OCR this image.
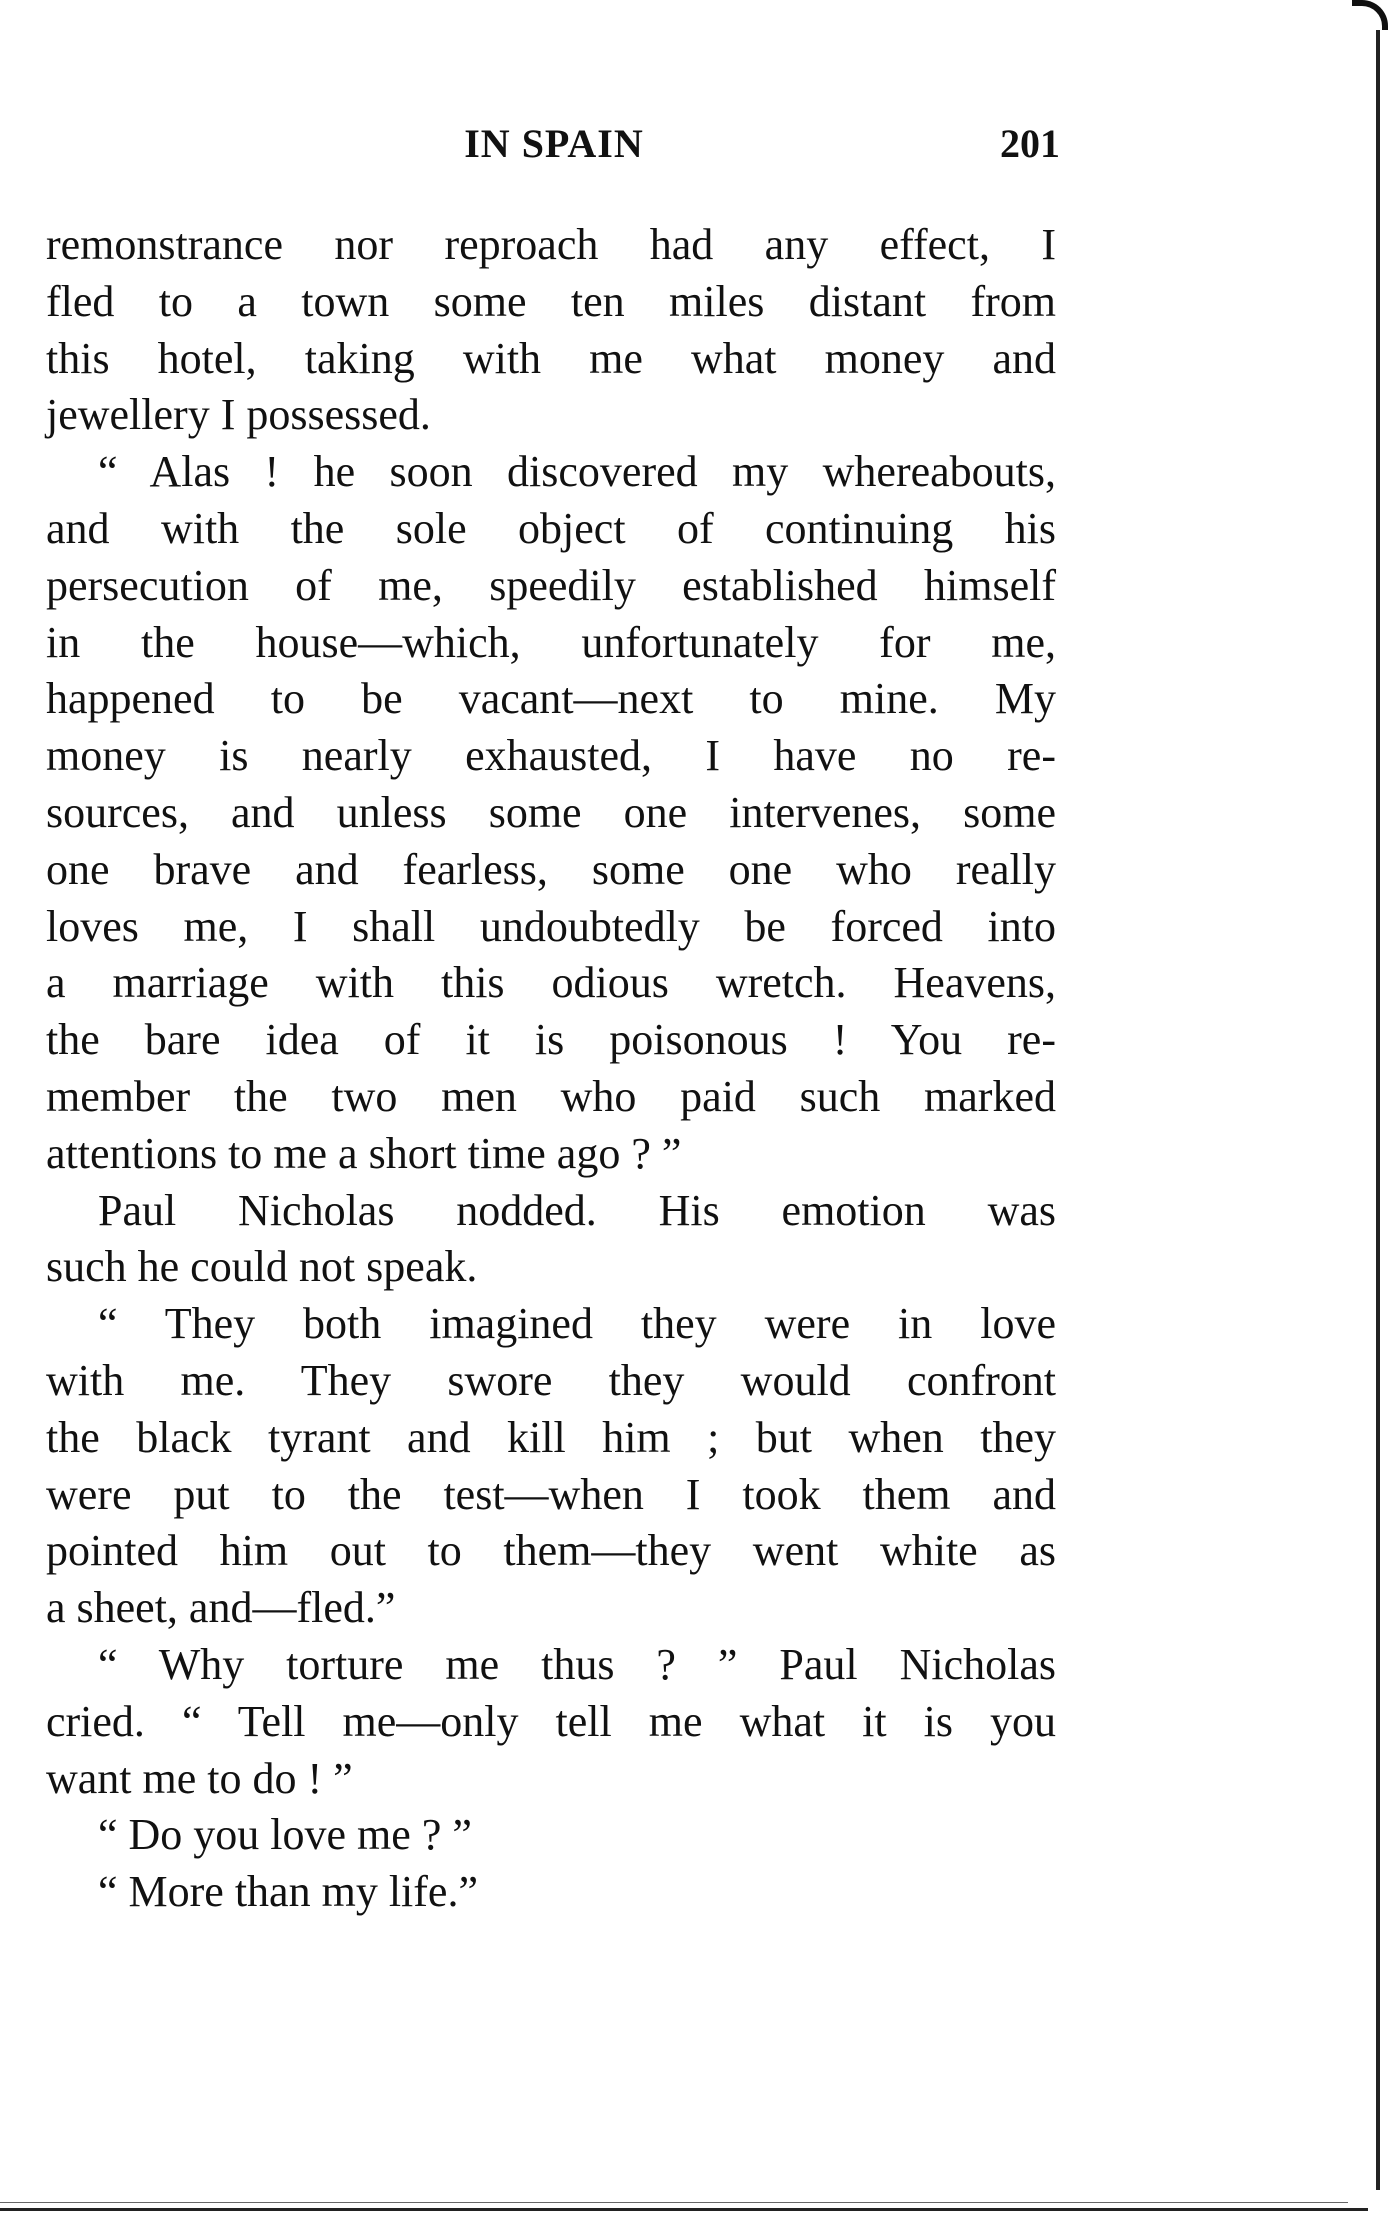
IN SPAIN	201
remonstrance nor reproach had any effect, I
fled to a town some ten miles distant from
this hotel, taking with me what money and
jewellery I possessed.
“ Alas ! he soon discovered my whereabouts,
and with the sole object of continuing his
persecution of me, speedily established himself
in the house—which, unfortunately for me,
happened to be vacant—next to mine. My
money is nearly exhausted, I have no re-
sources, and unless some one intervenes, some
one brave and fearless, some one who really
loves me, I shall undoubtedly be forced into
a marriage with this odious wretch. Heavens,
the bare idea of it is poisonous ! You re-
member the two men who paid such marked
attentions to me a short time ago ? ”
Paul Nicholas nodded. His emotion was
such he could not speak.
“ They both imagined they were in love
with me. They swore they would confront
the black tyrant and kill him ; but when they
were put to the test—when I took them and
pointed him out to them—they went white as
a sheet, and—fled.”
“ Why torture me thus ? ” Paul Nicholas
cried. “ Tell me—only tell me what it is you
want me to do ! ”
“ Do you love me ? ”
“ More than my life.”
